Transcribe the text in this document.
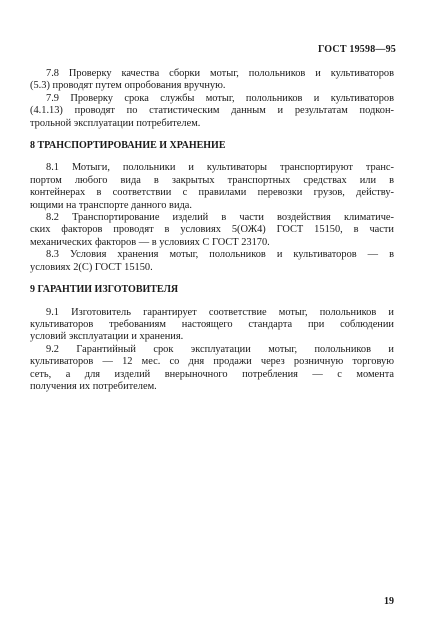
ГОСТ 19598—95
7.8 Проверку качества сборки мотыг, полольников и культиваторов
(5.3) проводят путем опробования вручную.
7.9 Проверку срока службы мотыг, полольников и культиваторов
(4.1.13) проводят по статистическим данным и результатам подкон-
трольной эксплуатации потребителем.
8 ТРАНСПОРТИРОВАНИЕ И ХРАНЕНИЕ
8.1 Мотыги, полольники и культиваторы транспортируют транс-
портом любого вида в закрытых транспортных средствах или в
контейнерах в соответствии с правилами перевозки грузов, действу-
ющими на транспорте данного вида.
8.2 Транспортирование изделий в части воздействия климатиче-
ских факторов проводят в условиях 5(ОЖ4) ГОСТ 15150, в части
механических факторов — в условиях С ГОСТ 23170.
8.3 Условия хранения мотыг, полольников и культиваторов — в
условиях 2(С) ГОСТ 15150.
9 ГАРАНТИИ ИЗГОТОВИТЕЛЯ
9.1 Изготовитель гарантирует соответствие мотыг, полольников и
культиваторов требованиям настоящего стандарта при соблюдении
условий эксплуатации и хранения.
9.2 Гарантийный срок эксплуатации мотыг, полольников и
культиваторов — 12 мес. со дня продажи через розничную торговую
сеть, а для изделий внерыночного потребления — с момента
получения их потребителем.
19
